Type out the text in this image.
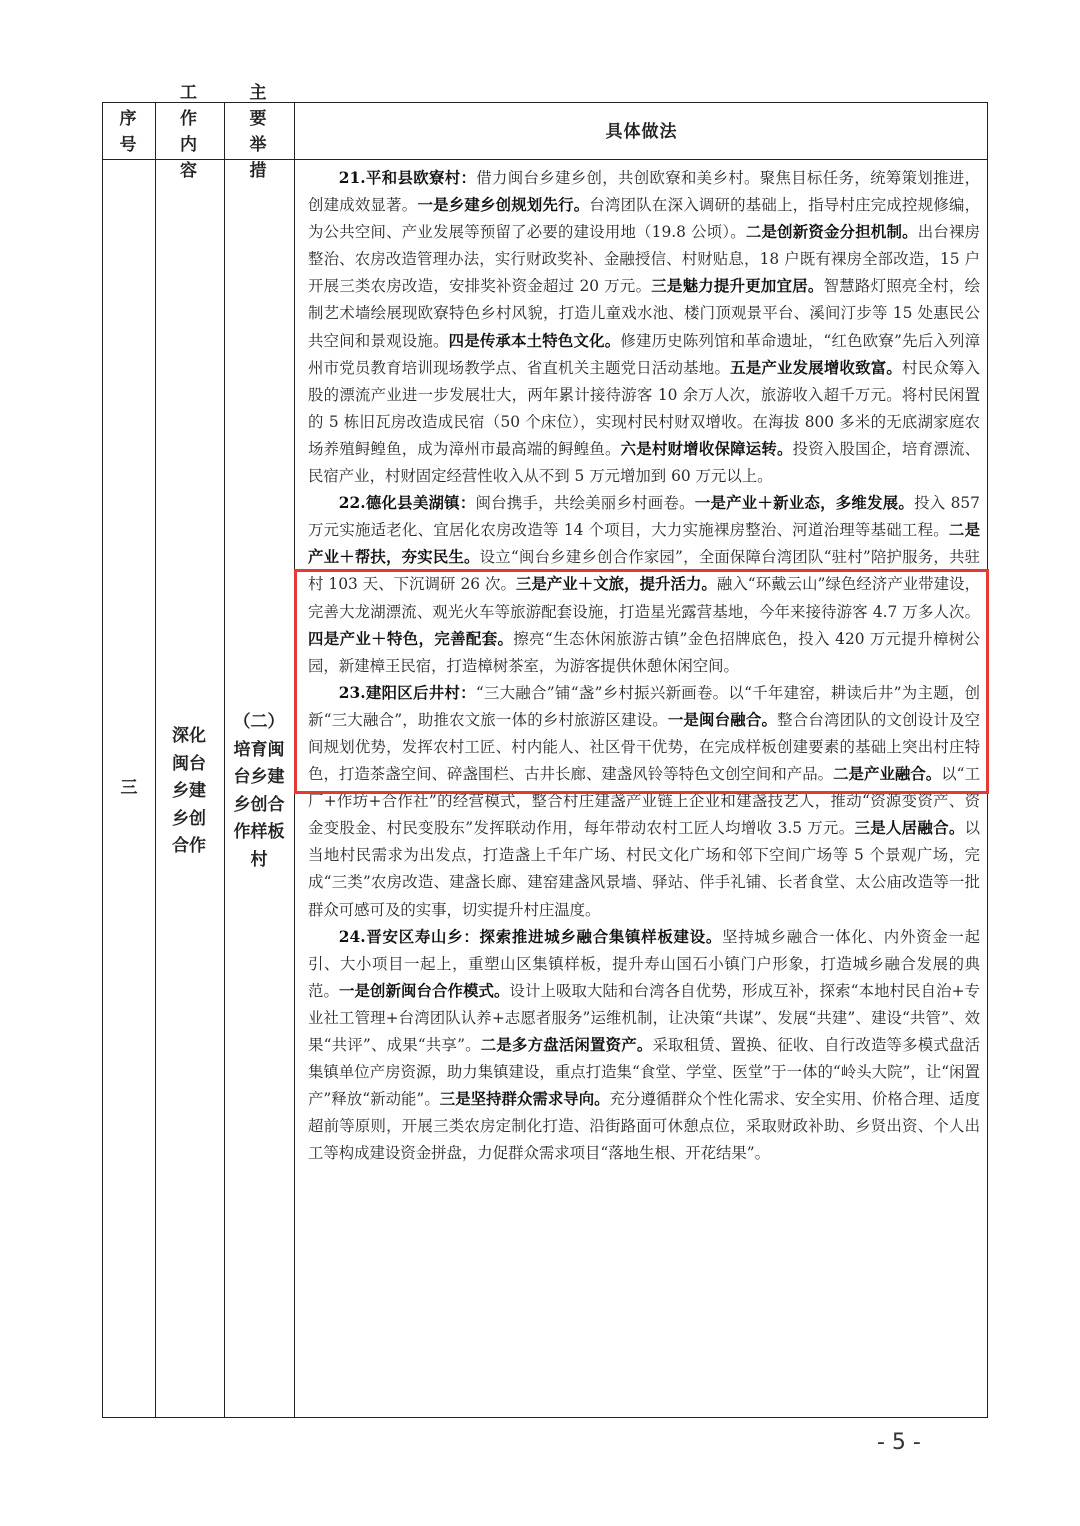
序号
工作内容
主要举措
具体做法
三
深化闽台乡建乡创合作
（二）培育闽台乡建乡创合作样板村

21.平和县欧寮村：借力闽台乡建乡创，共创欧寮和美乡村。聚焦目标任务，统筹策划推进，创建成效显著。一是乡建乡创规划先行。台湾团队在深入调研的基础上，指导村庄完成控规修编，为公共空间、产业发展等预留了必要的建设用地（19.8 公顷）。二是创新资金分担机制。出台裸房整治、农房改造管理办法，实行财政奖补、金融授信、村财贴息，18 户既有裸房全部改造，15 户开展三类农房改造，安排奖补资金超过 20 万元。三是魅力提升更加宜居。智慧路灯照亮全村，绘制艺术墙绘展现欧寮特色乡村风貌，打造儿童戏水池、楼门顶观景平台、溪间汀步等 15 处惠民公共空间和景观设施。四是传承本土特色文化。修建历史陈列馆和革命遗址，“红色欧寮”先后入列漳州市党员教育培训现场教学点、省直机关主题党日活动基地。五是产业发展增收致富。村民众筹入股的漂流产业进一步发展壮大，两年累计接待游客 10 余万人次，旅游收入超千万元。将村民闲置的 5 栋旧瓦房改造成民宿（50 个床位），实现村民村财双增收。在海拔 800 多米的无底湖家庭农场养殖鲟鳇鱼，成为漳州市最高端的鲟鳇鱼。六是村财增收保障运转。投资入股国企，培育漂流、民宿产业，村财固定经营性收入从不到 5 万元增加到 60 万元以上。

22.德化县美湖镇：闽台携手，共绘美丽乡村画卷。一是产业＋新业态，多维发展。投入 857 万元实施适老化、宜居化农房改造等 14 个项目，大力实施裸房整治、河道治理等基础工程。二是产业＋帮扶，夯实民生。设立“闽台乡建乡创合作家园”，全面保障台湾团队“驻村”陪护服务，共驻村 103 天、下沉调研 26 次。三是产业＋文旅，提升活力。融入“环戴云山”绿色经济产业带建设，完善大龙湖漂流、观光火车等旅游配套设施，打造星光露营基地，今年来接待游客 4.7 万多人次。四是产业＋特色，完善配套。擦亮“生态休闲旅游古镇”金色招牌底色，投入 420 万元提升樟树公园，新建樟王民宿，打造樟树茶室，为游客提供休憩休闲空间。

23.建阳区后井村：“三大融合”铺“盏”乡村振兴新画卷。以“千年建窑，耕读后井”为主题，创新“三大融合”，助推农文旅一体的乡村旅游区建设。一是闽台融合。整合台湾团队的文创设计及空间规划优势，发挥农村工匠、村内能人、社区骨干优势，在完成样板创建要素的基础上突出村庄特色，打造茶盏空间、碎盏围栏、古井长廊、建盏风铃等特色文创空间和产品。二是产业融合。以“工厂+作坊+合作社”的经营模式，整合村庄建盏产业链上企业和建盏技艺人，推动“资源变资产、资金变股金、村民变股东”发挥联动作用，每年带动农村工匠人均增收 3.5 万元。三是人居融合。以当地村民需求为出发点，打造盏上千年广场、村民文化广场和邻下空间广场等 5 个景观广场，完成“三类”农房改造、建盏长廊、建窑建盏风景墙、驿站、伴手礼铺、长者食堂、太公庙改造等一批群众可感可及的实事，切实提升村庄温度。

24.晋安区寿山乡：探索推进城乡融合集镇样板建设。坚持城乡融合一体化、内外资金一起引、大小项目一起上，重塑山区集镇样板，提升寿山国石小镇门户形象，打造城乡融合发展的典范。一是创新闽台合作模式。设计上吸取大陆和台湾各自优势，形成互补，探索“本地村民自治+专业社工管理+台湾团队认养+志愿者服务”运维机制，让决策“共谋”、发展“共建”、建设“共管”、效果“共评”、成果“共享”。二是多方盘活闲置资产。采取租赁、置换、征收、自行改造等多模式盘活集镇单位产房资源，助力集镇建设，重点打造集“食堂、学堂、医堂”于一体的“岭头大院”，让“闲置产”释放“新动能”。三是坚持群众需求导向。充分遵循群众个性化需求、安全实用、价格合理、适度超前等原则，开展三类农房定制化打造、沿街路面可休憩点位，采取财政补助、乡贤出资、个人出工等构成建设资金拼盘，力促群众需求项目“落地生根、开花结果”。

- 5 -
